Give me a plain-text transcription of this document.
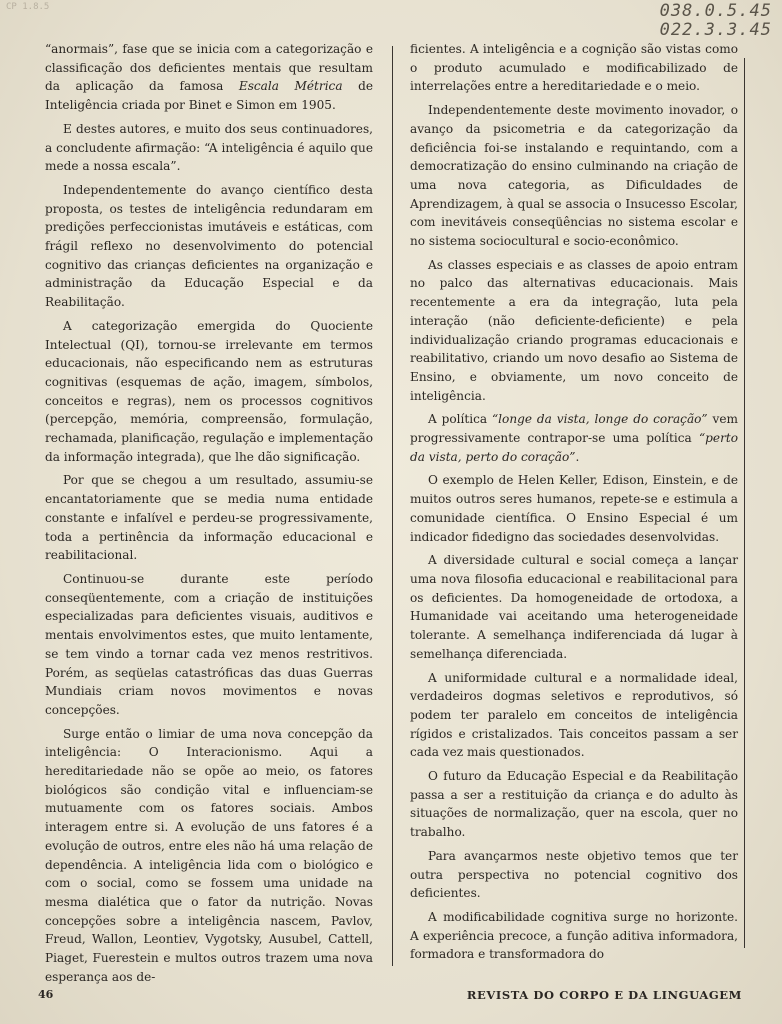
CP 1.8.5	038.0.5.45
022.3.3.45

“anormais”, fase que se inicia com a categorização e classificação dos deficientes mentais que resultam da aplicação da famosa Escala Métrica de Inteligência criada por Binet e Simon em 1905.

E destes autores, e muito dos seus continuadores, a concludente afirmação: “A inteligência é aquilo que mede a nossa escala”.

Independentemente do avanço científico desta proposta, os testes de inteligência redundaram em predições perfeccionistas imutáveis e estáticas, com frágil reflexo no desenvolvimento do potencial cognitivo das crianças deficientes na organização e administração da Educação Especial e da Reabilitação.

A categorização emergida do Quociente Intelectual (QI), tornou-se irrelevante em termos educacionais, não especificando nem as estruturas cognitivas (esquemas de ação, imagem, símbolos, conceitos e regras), nem os processos cognitivos (percepção, memória, compreensão, formulação, rechamada, planificação, regulação e implementação da informação integrada), que lhe dão significação.

Por que se chegou a um resultado, assumiu-se encantatoriamente que se media numa entidade constante e infalível e perdeu-se progressivamente, toda a pertinência da informação educacional e reabilitacional.

Continuou-se durante este período conseqüentemente, com a criação de instituições especializadas para deficientes visuais, auditivos e mentais envolvimentos estes, que muito lentamente, se tem vindo a tornar cada vez menos restritivos. Porém, as seqüelas catastróficas das duas Guerras Mundiais criam novos movimentos e novas concepções.

Surge então o limiar de uma nova concepção da inteligência: O Interacionismo. Aqui a hereditariedade não se opõe ao meio, os fatores biológicos são condição vital e influenciam-se mutuamente com os fatores sociais. Ambos interagem entre si. A evolução de uns fatores é a evolução de outros, entre eles não há uma relação de dependência. A inteligência lida com o biológico e com o social, como se fossem uma unidade na mesma dialética que o fator da nutrição. Novas concepções sobre a inteligência nascem, Pavlov, Freud, Wallon, Leontiev, Vygotsky, Ausubel, Cattell, Piaget, Fuerestein e multos outros trazem uma nova esperança aos de-

ficientes. A inteligência e a cognição são vistas como o produto acumulado e modificabilizado de interrelações entre a hereditariedade e o meio.

Independentemente deste movimento inovador, o avanço da psicometria e da categorização da deficiência foi-se instalando e requintando, com a democratização do ensino culminando na criação de uma nova categoria, as Dificuldades de Aprendizagem, à qual se associa o Insucesso Escolar, com inevitáveis conseqüências no sistema escolar e no sistema sociocultural e socio-econômico.

As classes especiais e as classes de apoio entram no palco das alternativas educacionais. Mais recentemente a era da integração, luta pela interação (não deficiente-deficiente) e pela individualização criando programas educacionais e reabilitativo, criando um novo desafio ao Sistema de Ensino, e obviamente, um novo conceito de inteligência.

A política “longe da vista, longe do coração” vem progressivamente contrapor-se uma política “perto da vista, perto do coração”.

O exemplo de Helen Keller, Edison, Einstein, e de muitos outros seres humanos, repete-se e estimula a comunidade científica. O Ensino Especial é um indicador fidedigno das sociedades desenvolvidas.

A diversidade cultural e social começa a lançar uma nova filosofia educacional e reabilitacional para os deficientes. Da homogeneidade de ortodoxa, a Humanidade vai aceitando uma heterogeneidade tolerante. A semelhança indiferenciada dá lugar à semelhança diferenciada.

A uniformidade cultural e a normalidade ideal, verdadeiros dogmas seletivos e reprodutivos, só podem ter paralelo em conceitos de inteligência rígidos e cristalizados. Tais conceitos passam a ser cada vez mais questionados.

O futuro da Educação Especial e da Reabilitação passa a ser a restituição da criança e do adulto às situações de normalização, quer na escola, quer no trabalho.

Para avançarmos neste objetivo temos que ter outra perspectiva no potencial cognitivo dos deficientes.

A modificabilidade cognitiva surge no horizonte. A experiência precoce, a função aditiva informadora, formadora e transformadora do

46	REVISTA DO CORPO E DA LINGUAGEM
